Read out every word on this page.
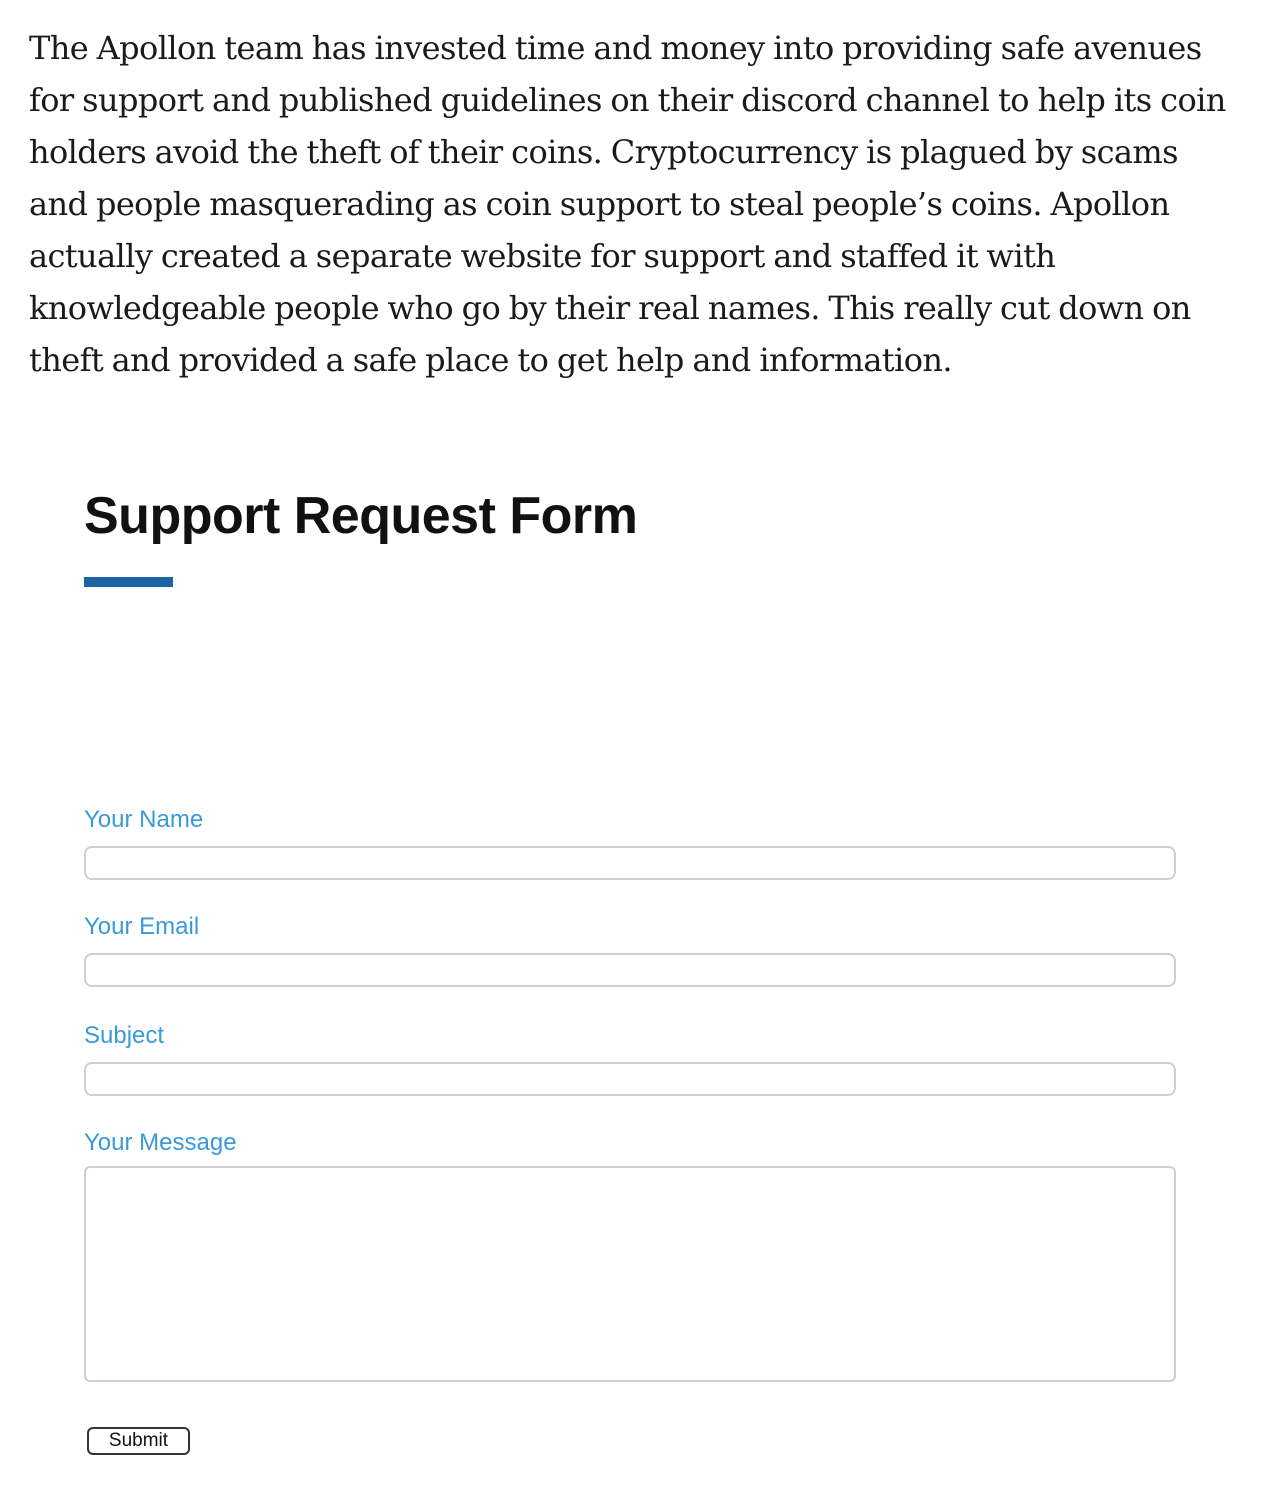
The Apollon team has invested time and money into providing safe avenues for support and published guidelines on their discord channel to help its coin holders avoid the theft of their coins. Cryptocurrency is plagued by scams and people masquerading as coin support to steal people’s coins. Apollon actually created a separate website for support and staffed it with knowledgeable people who go by their real names. This really cut down on theft and provided a safe place to get help and information.

Support Request Form
Your Name
Your Email
Subject
Your Message
Submit
